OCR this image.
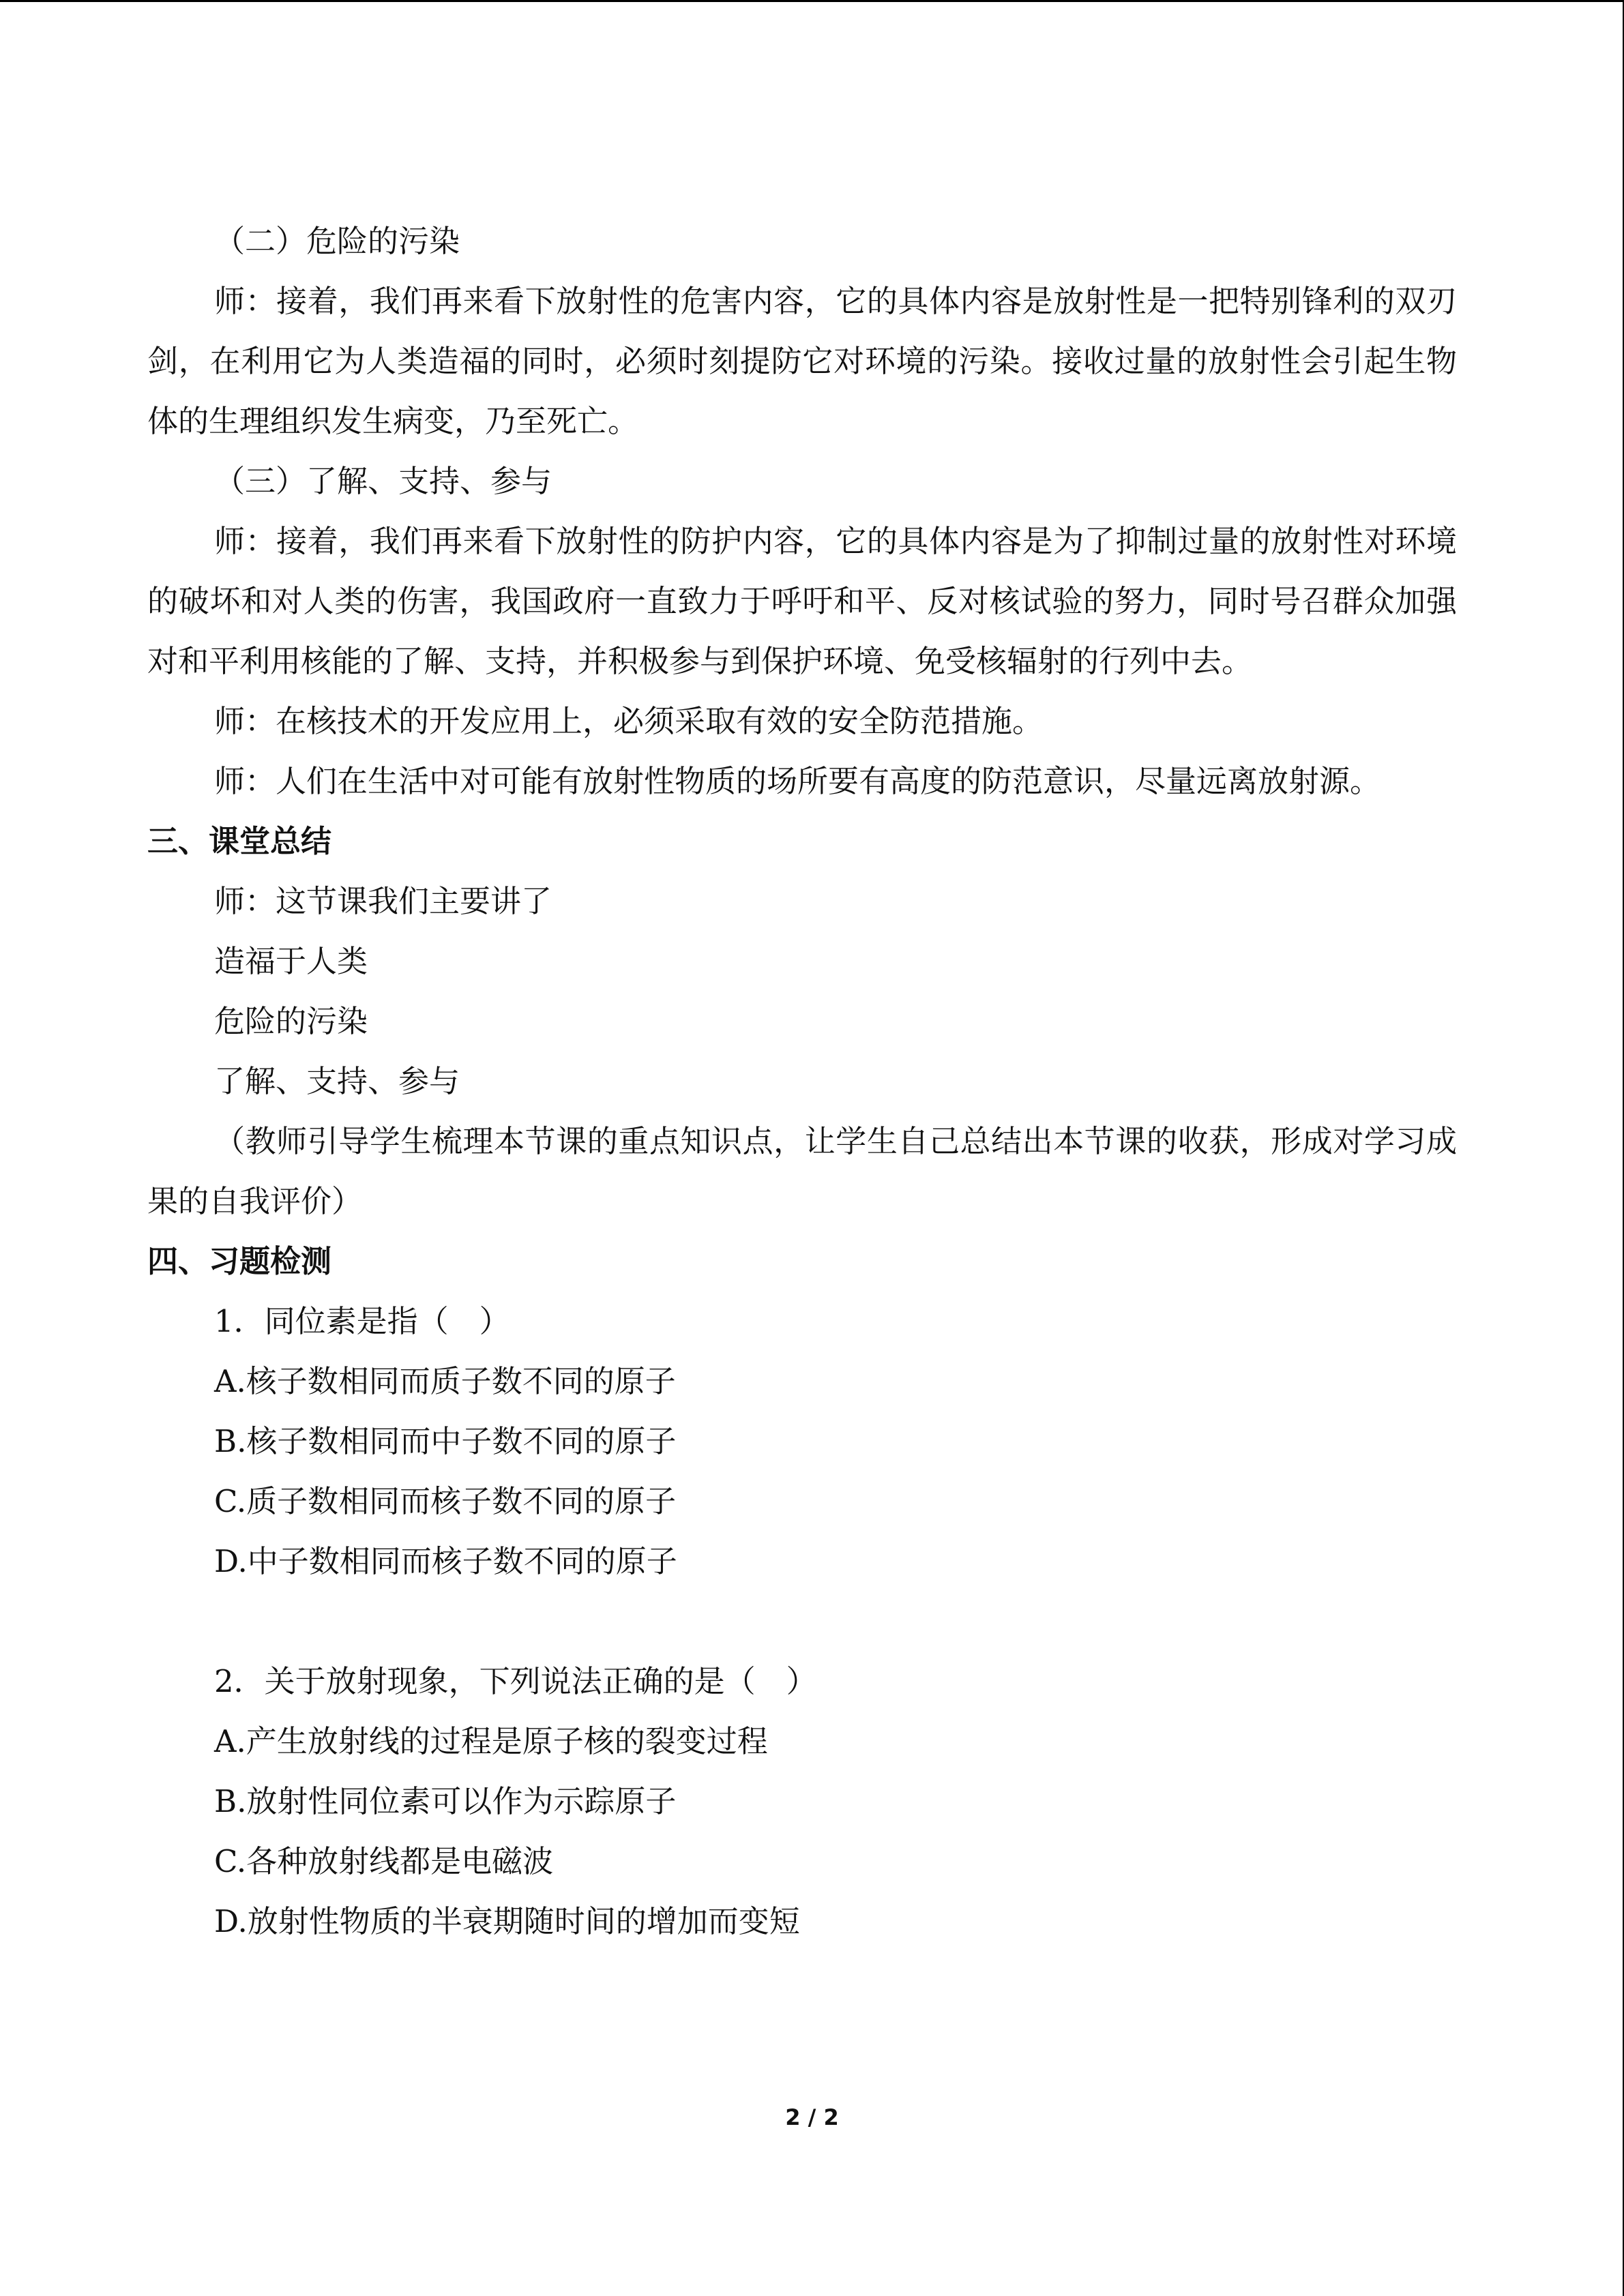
（二）危险的污染

师：接着，我们再来看下放射性的危害内容，它的具体内容是放射性是一把特别锋利的双刃剑，在利用它为人类造福的同时，必须时刻提防它对环境的污染。接收过量的放射性会引起生物体的生理组织发生病变，乃至死亡。

（三）了解、支持、参与

师：接着，我们再来看下放射性的防护内容，它的具体内容是为了抑制过量的放射性对环境的破坏和对人类的伤害，我国政府一直致力于呼吁和平、反对核试验的努力，同时号召群众加强对和平利用核能的了解、支持，并积极参与到保护环境、免受核辐射的行列中去。

师：在核技术的开发应用上，必须采取有效的安全防范措施。

师：人们在生活中对可能有放射性物质的场所要有高度的防范意识，尽量远离放射源。

三、课堂总结

师：这节课我们主要讲了

造福于人类

危险的污染

了解、支持、参与

（教师引导学生梳理本节课的重点知识点，让学生自己总结出本节课的收获，形成对学习成果的自我评价）

四、习题检测

1．同位素是指（　）

A.核子数相同而质子数不同的原子

B.核子数相同而中子数不同的原子

C.质子数相同而核子数不同的原子

D.中子数相同而核子数不同的原子

2．关于放射现象，下列说法正确的是（　）

A.产生放射线的过程是原子核的裂变过程

B.放射性同位素可以作为示踪原子

C.各种放射线都是电磁波

D.放射性物质的半衰期随时间的增加而变短

2 / 2
